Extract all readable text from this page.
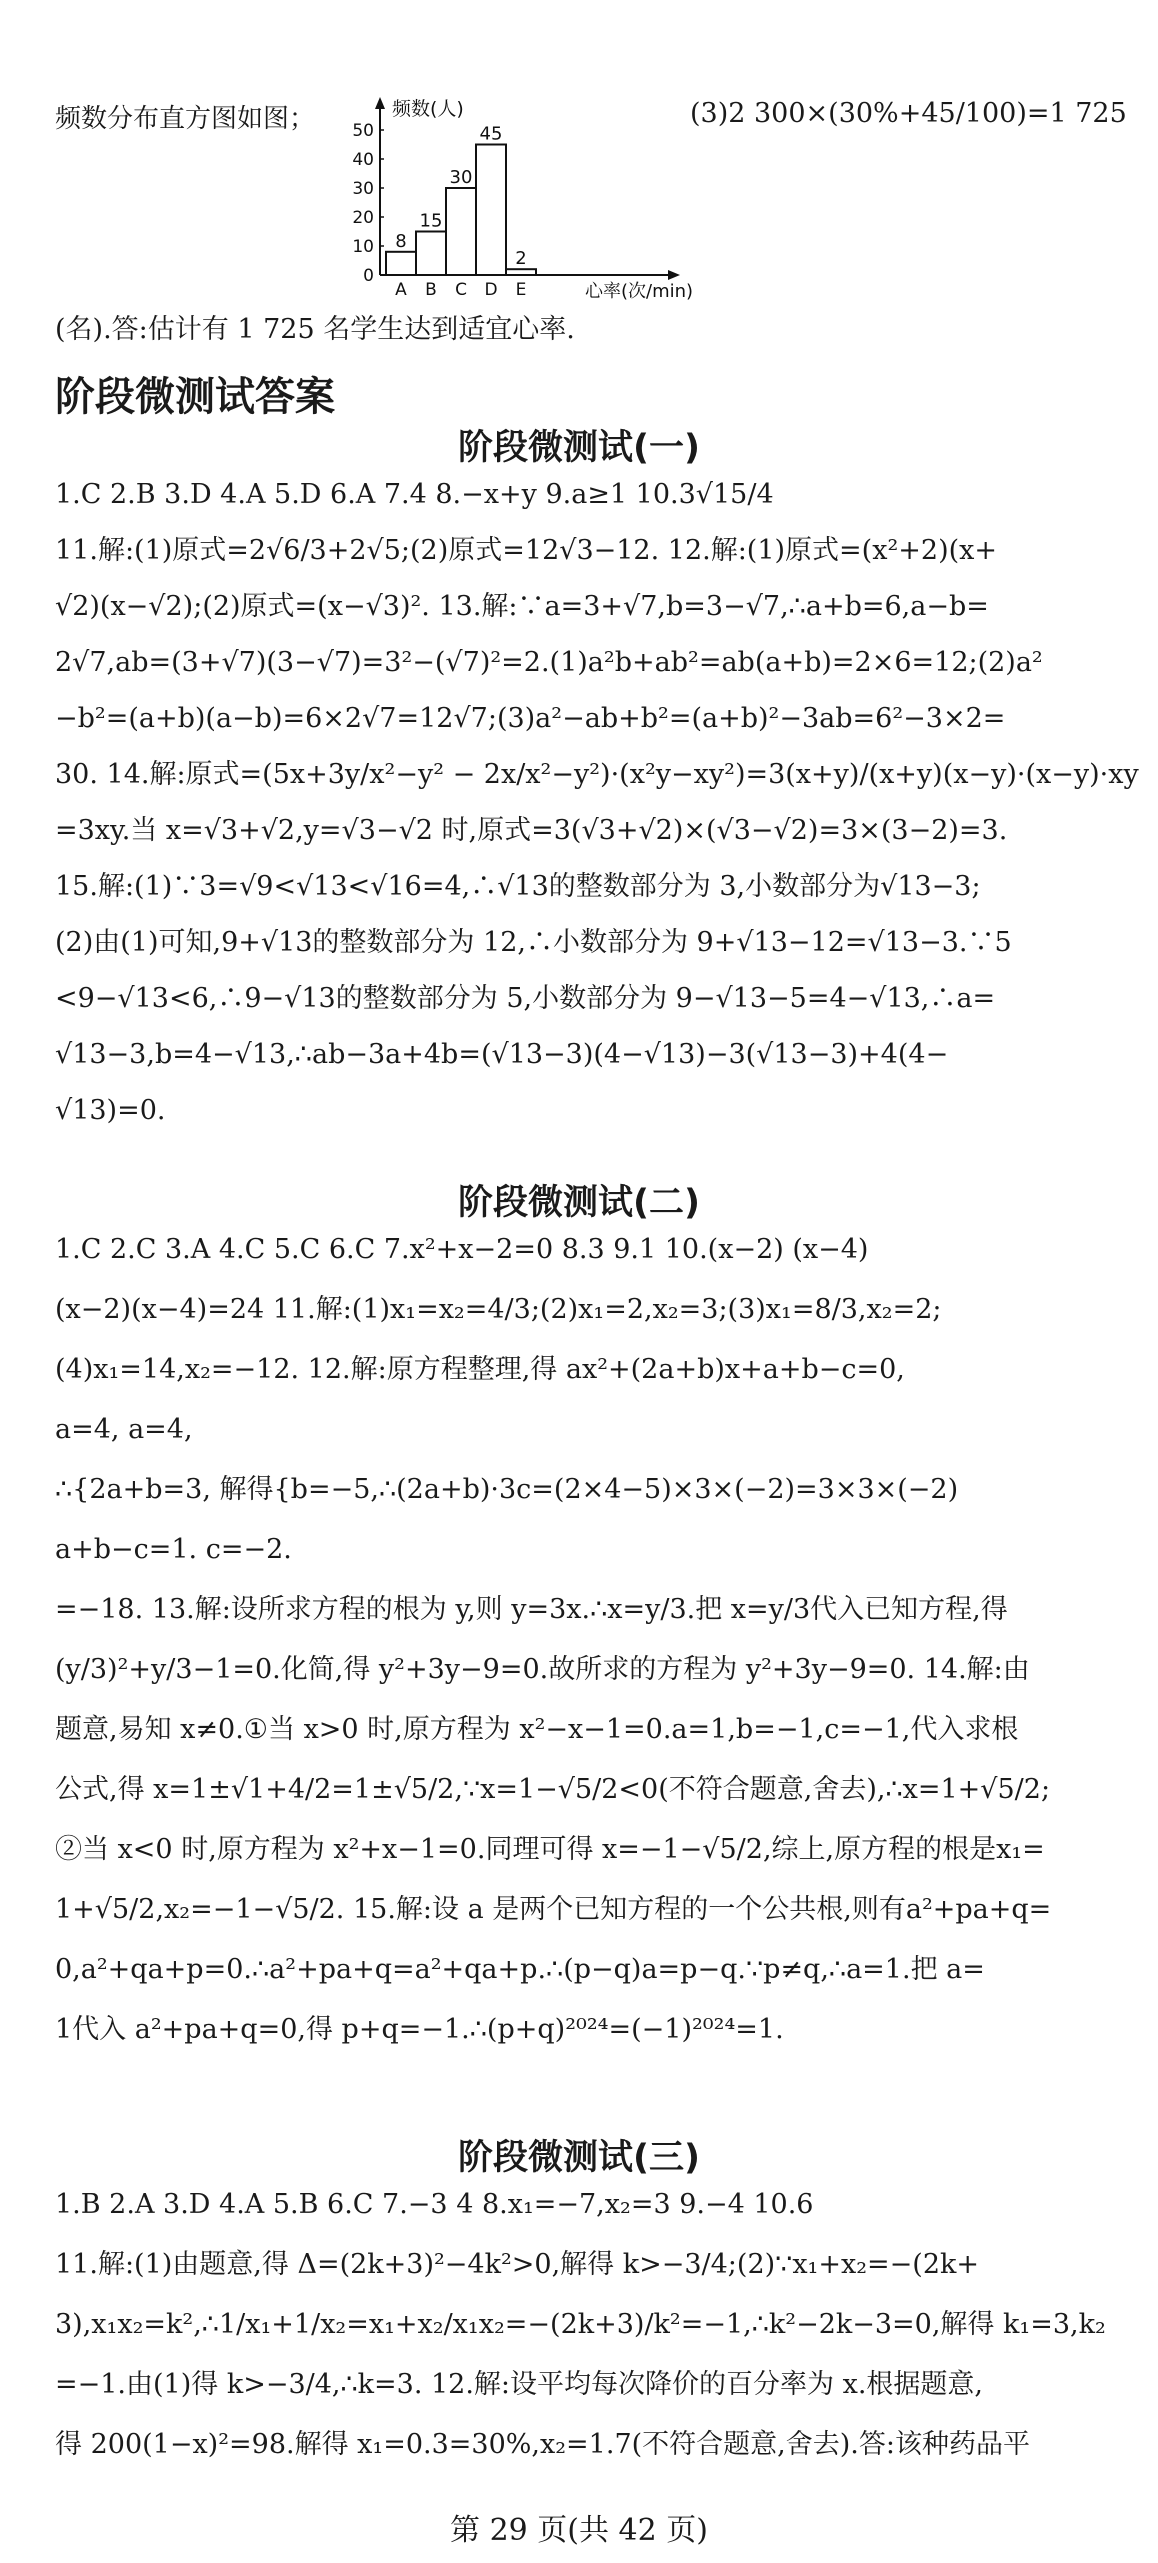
频数分布直方图如图；	(3)2 300×(30%+45/100)=1 725
0
10
20
30
40
50
频数(人)
8
A
15
B
30
C
45
D
2
E	心率(次/min)
(名).答:估计有 1 725 名学生达到适宜心率.
阶段微测试答案
阶段微测试(一)
1.C 2.B 3.D 4.A 5.D 6.A 7.4 8.−x+y 9.a≥1 10.3√15/4
11.解:(1)原式=2√6/3+2√5;(2)原式=12√3−12. 12.解:(1)原式=(x²+2)(x+
√2)(x−√2);(2)原式=(x−√3)². 13.解:∵a=3+√7,b=3−√7,∴a+b=6,a−b=
2√7,ab=(3+√7)(3−√7)=3²−(√7)²=2.(1)a²b+ab²=ab(a+b)=2×6=12;(2)a²
−b²=(a+b)(a−b)=6×2√7=12√7;(3)a²−ab+b²=(a+b)²−3ab=6²−3×2=
30. 14.解:原式=(5x+3y/x²−y² − 2x/x²−y²)·(x²y−xy²)=3(x+y)/(x+y)(x−y)·(x−y)·xy
=3xy.当 x=√3+√2,y=√3−√2 时,原式=3(√3+√2)×(√3−√2)=3×(3−2)=3.
15.解:(1)∵3=√9<√13<√16=4,∴√13的整数部分为 3,小数部分为√13−3;
(2)由(1)可知,9+√13的整数部分为 12,∴小数部分为 9+√13−12=√13−3.∵5
<9−√13<6,∴9−√13的整数部分为 5,小数部分为 9−√13−5=4−√13,∴a=
√13−3,b=4−√13,∴ab−3a+4b=(√13−3)(4−√13)−3(√13−3)+4(4−
√13)=0.
阶段微测试(二)
1.C 2.C 3.A 4.C 5.C 6.C 7.x²+x−2=0 8.3 9.1 10.(x−2) (x−4)
(x−2)(x−4)=24 11.解:(1)x₁=x₂=4/3;(2)x₁=2,x₂=3;(3)x₁=8/3,x₂=2;
(4)x₁=14,x₂=−12. 12.解:原方程整理,得 ax²+(2a+b)x+a+b−c=0,
a=4, a=4,
∴{2a+b=3, 解得{b=−5,∴(2a+b)·3c=(2×4−5)×3×(−2)=3×3×(−2)
a+b−c=1. c=−2.
=−18. 13.解:设所求方程的根为 y,则 y=3x.∴x=y/3.把 x=y/3代入已知方程,得
(y/3)²+y/3−1=0.化简,得 y²+3y−9=0.故所求的方程为 y²+3y−9=0. 14.解:由
题意,易知 x≠0.①当 x>0 时,原方程为 x²−x−1=0.a=1,b=−1,c=−1,代入求根
公式,得 x=1±√1+4/2=1±√5/2,∵x=1−√5/2<0(不符合题意,舍去),∴x=1+√5/2;
②当 x<0 时,原方程为 x²+x−1=0.同理可得 x=−1−√5/2,综上,原方程的根是x₁=
1+√5/2,x₂=−1−√5/2. 15.解:设 a 是两个已知方程的一个公共根,则有a²+pa+q=
0,a²+qa+p=0.∴a²+pa+q=a²+qa+p.∴(p−q)a=p−q.∵p≠q,∴a=1.把 a=
1代入 a²+pa+q=0,得 p+q=−1.∴(p+q)²⁰²⁴=(−1)²⁰²⁴=1.
阶段微测试(三)
1.B 2.A 3.D 4.A 5.B 6.C 7.−3 4 8.x₁=−7,x₂=3 9.−4 10.6
11.解:(1)由题意,得 Δ=(2k+3)²−4k²>0,解得 k>−3/4;(2)∵x₁+x₂=−(2k+
3),x₁x₂=k²,∴1/x₁+1/x₂=x₁+x₂/x₁x₂=−(2k+3)/k²=−1,∴k²−2k−3=0,解得 k₁=3,k₂
=−1.由(1)得 k>−3/4,∴k=3. 12.解:设平均每次降价的百分率为 x.根据题意,
得 200(1−x)²=98.解得 x₁=0.3=30%,x₂=1.7(不符合题意,舍去).答:该种药品平
第 29 页(共 42 页)
